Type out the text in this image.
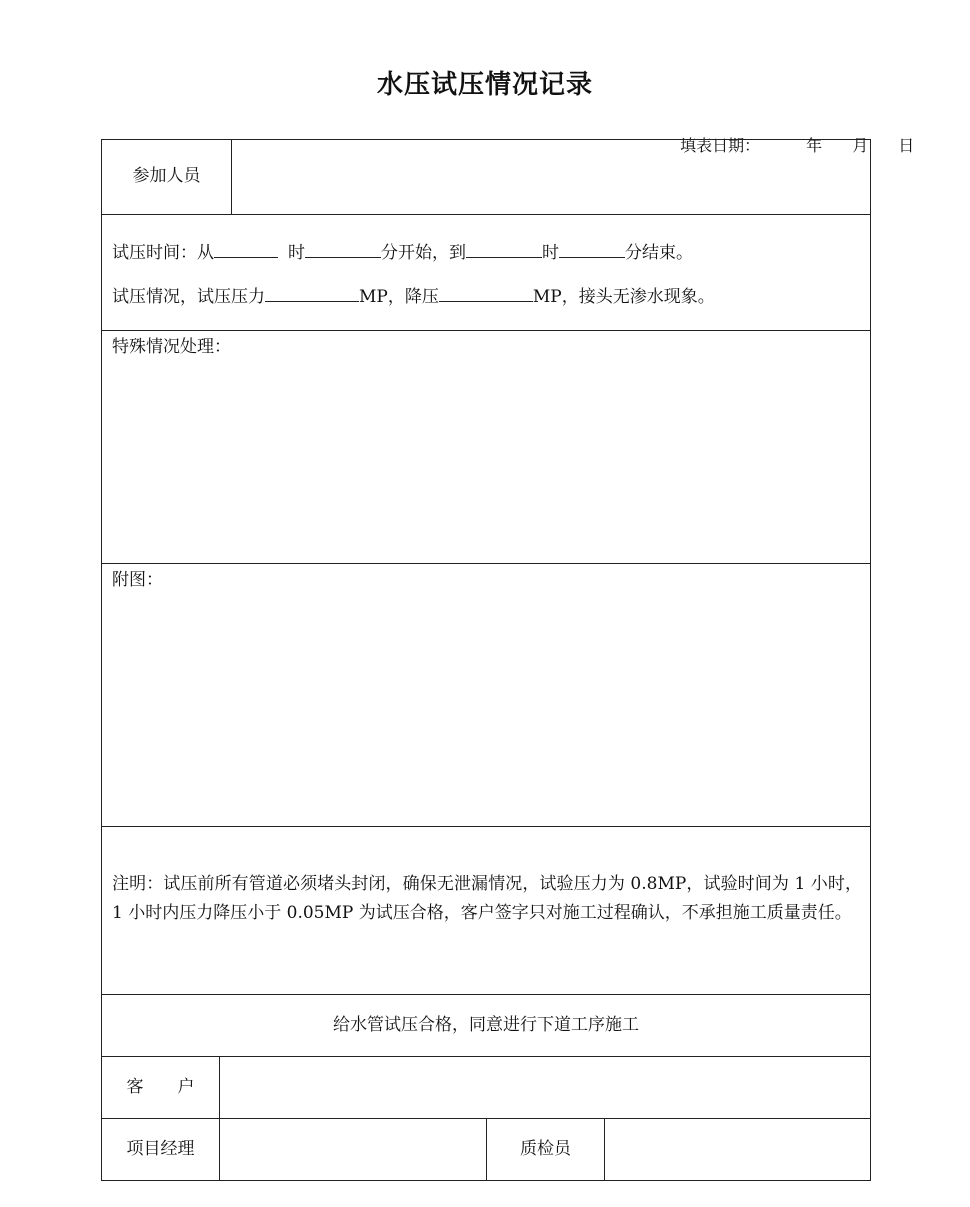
水压试压情况记录

填表日期：	年 月 日

参加人员
试压时间：从	时	分开始，到	时	分结束。
试压情况，试压压力	MP，降压	MP，接头无渗水现象。
特殊情况处理：
附图：
注明：试压前所有管道必须堵头封闭，确保无泄漏情况，试验压力为 0.8MP，试验时间为 1 小时，1 小时内压力降压小于 0.05MP 为试压合格，客户签字只对施工过程确认，不承担施工质量责任。
给水管试压合格，同意进行下道工序施工
客　　户
项目经理	质检员
